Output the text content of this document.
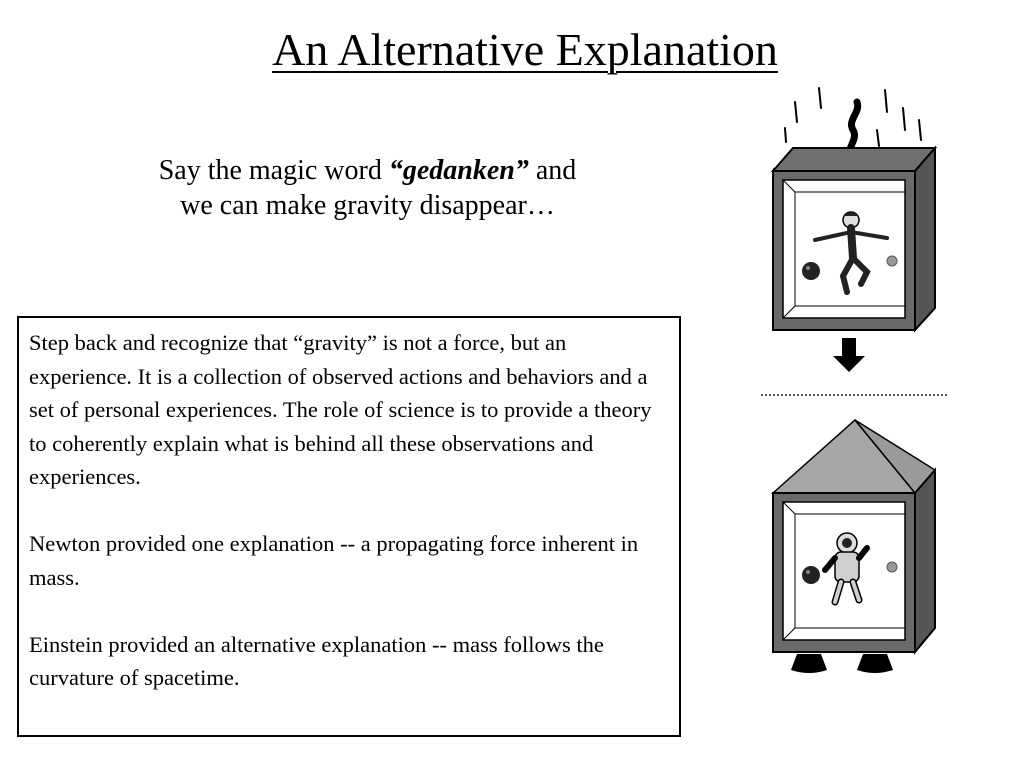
An Alternative Explanation
Say the magic word “gedanken” and
we can make gravity disappear…

Step back and recognize that “gravity” is not a force, but an experience. It is a collection of observed actions and behaviors and a set of personal experiences. The role of science is to provide a theory to coherently explain what is behind all these observations and experiences.

Newton provided one explanation -- a propagating force inherent in mass.

Einstein provided an alternative explanation -- mass follows the curvature of spacetime.
